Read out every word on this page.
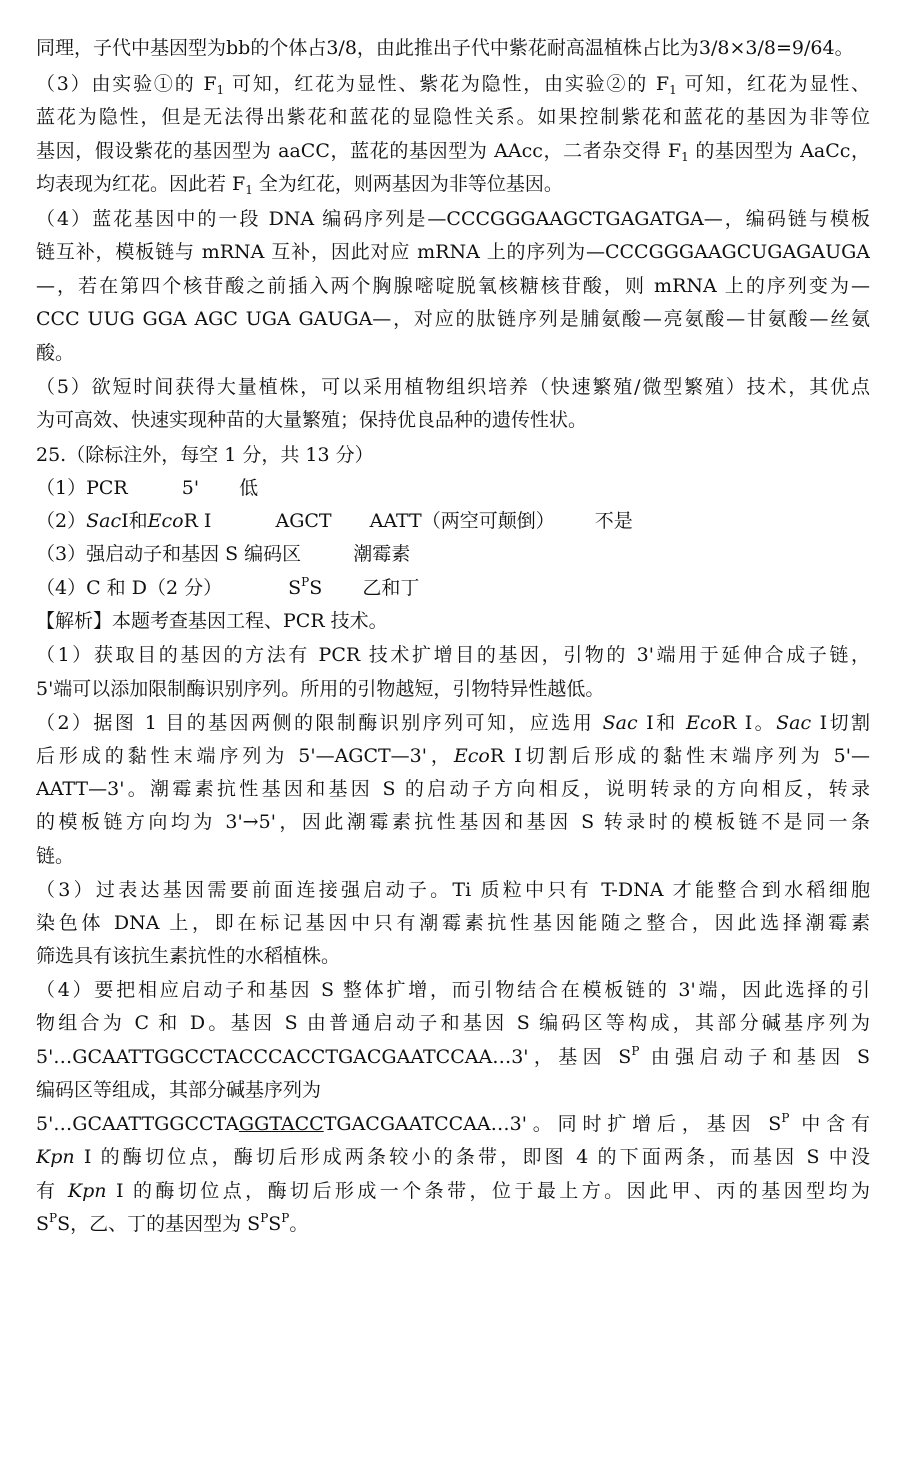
同理，子代中基因型为bb的个体占3/8，由此推出子代中紫花耐高温植株占比为3/8×3/8=9/64。
（3）由实验①的 $F_1$ 可知，红花为显性、紫花为隐性，由实验②的 $F_1$ 可知，红花为显性、
蓝花为隐性，但是无法得出紫花和蓝花的显隐性关系。如果控制紫花和蓝花的基因为非等位
基因，假设紫花的基因型为 aaCC，蓝花的基因型为 AAcc，二者杂交得 $F_1$ 的基因型为 AaCc，
均表现为红花。因此若 $F_1$ 全为红花，则两基因为非等位基因。
（4）蓝花基因中的一段 DNA 编码序列是—CCCGGGAAGCTGAGATGA—，编码链与模板
链互补，模板链与 mRNA 互补，因此对应 mRNA 上的序列为—CCCGGGAAGCUGAGAUGA
—，若在第四个核苷酸之前插入两个胸腺嘧啶脱氧核糖核苷酸，则 mRNA 上的序列变为—
CCC UUG GGA AGC UGA GAUGA—，对应的肽链序列是脯氨酸—亮氨酸—甘氨酸—丝氨
酸。
（5）欲短时间获得大量植株，可以采用植物组织培养（快速繁殖/微型繁殖）技术，其优点
为可高效、快速实现种苗的大量繁殖；保持优良品种的遗传性状。
25.（除标注外，每空 1 分，共 13 分）
（1）PCR	5' 低
（2）SacI和EcoR I	AGCT AATT（两空可颠倒） 不是
（3）强启动子和基因 S 编码区	潮霉素
（4）C 和 D（2 分）	$S^PS$ 乙和丁
【解析】本题考查基因工程、PCR 技术。
（1）获取目的基因的方法有 PCR 技术扩增目的基因，引物的 3'端用于延伸合成子链，
5'端可以添加限制酶识别序列。所用的引物越短，引物特异性越低。
（2）据图 1 目的基因两侧的限制酶识别序列可知，应选用 Sac I和 EcoR I。Sac I切割
后形成的黏性末端序列为 5'—AGCT—3'，EcoR I切割后形成的黏性末端序列为 5'—
AATT—3'。潮霉素抗性基因和基因 S 的启动子方向相反，说明转录的方向相反，转录
的模板链方向均为 3'→5'，因此潮霉素抗性基因和基因 S 转录时的模板链不是同一条
链。
（3）过表达基因需要前面连接强启动子。Ti 质粒中只有 T-DNA 才能整合到水稻细胞
染色体 DNA 上，即在标记基因中只有潮霉素抗性基因能随之整合，因此选择潮霉素
筛选具有该抗生素抗性的水稻植株。
（4）要把相应启动子和基因 S 整体扩增，而引物结合在模板链的 3'端，因此选择的引
物组合为 C 和 D。基因 S 由普通启动子和基因 S 编码区等构成，其部分碱基序列为
5'…GCAATTGGCCTACCCACCTGACGAATCCAA…3'，基因 $S^P$ 由强启动子和基因 S
编码区等组成，其部分碱基序列为
5'…GCAATTGGCCTAGGTACCTGACGAATCCAA…3'。同时扩增后，基因 $S^P$ 中含有
Kpn I 的酶切位点，酶切后形成两条较小的条带，即图 4 的下面两条，而基因 S 中没
有 Kpn I 的酶切位点，酶切后形成一个条带，位于最上方。因此甲、丙的基因型均为
$S^PS$，乙、丁的基因型为 $S^PS^P$。
